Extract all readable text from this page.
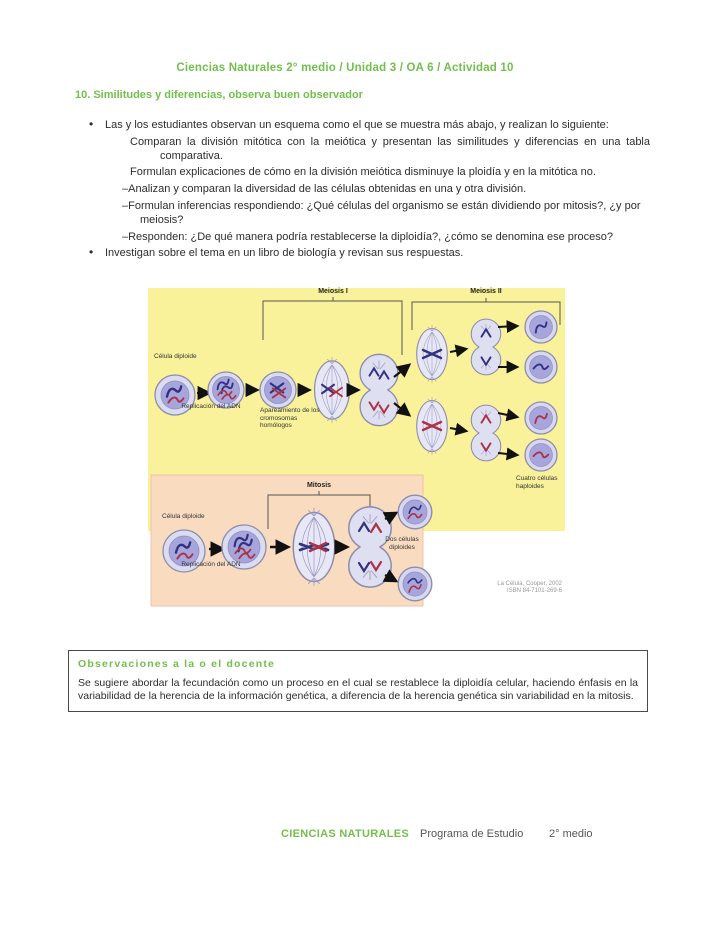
Ciencias Naturales 2° medio / Unidad 3 / OA 6 / Actividad 10
10. Similitudes y diferencias, observa buen observador

• Las y los estudiantes observan un esquema como el que se muestra más abajo, y realizan lo siguiente:

Comparan la división mitótica con la meiótica y presentan las similitudes y diferencias en una tabla comparativa.

Formulan explicaciones de cómo en la división meiótica disminuye la ploidía y en la mitótica no.

–Analizan y comparan la diversidad de las células obtenidas en una y otra división.

–Formulan inferencias respondiendo: ¿Qué células del organismo se están dividiendo por mitosis?, ¿y por meiosis?

–Responden: ¿De qué manera podría restablecerse la diploidía?, ¿cómo se denomina ese proceso?

• Investigan sobre el tema en un libro de biología y revisan sus respuestas.

Meiosis I	Meiosis II
Mitosis
Célula diploide
Replicación del ADN
Apareamiento de los cromosomas homólogos
Cuatro células haploides
Célula diploide
Replicación del ADN
Dos células diploides
La Célula, Cooper, 2002
ISBN 84-7101-269-6

Observaciones a la o el docente

Se sugiere abordar la fecundación como un proceso en el cual se restablece la diploidía celular, haciendo énfasis en la variabilidad de la herencia de la información genética, a diferencia de la herencia genética sin variabilidad en la mitosis.

CIENCIAS NATURALES Programa de Estudio 2° medio
